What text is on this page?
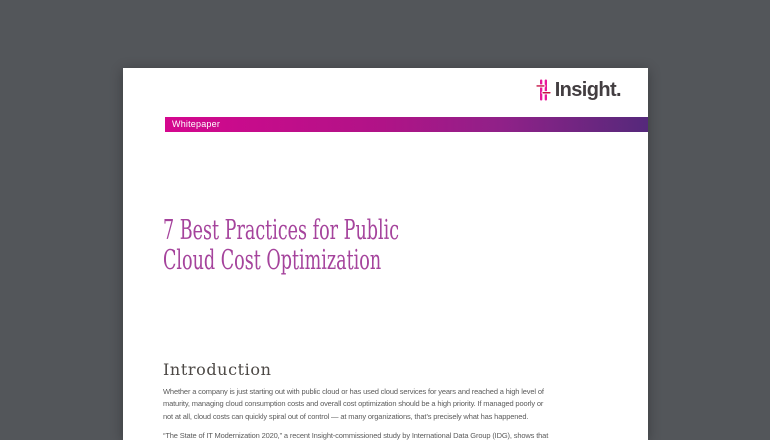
Insight.
Whitepaper
7 Best Practices for Public Cloud Cost Optimization
Introduction

Whether a company is just starting out with public cloud or has used cloud services for years and reached a high level of maturity, managing cloud consumption costs and overall cost optimization should be a high priority. If managed poorly or not at all, cloud costs can quickly spiral out of control — at many organizations, that’s precisely what has happened.

“The State of IT Modernization 2020,” a recent Insight-commissioned study by International Data Group (IDG), shows that
